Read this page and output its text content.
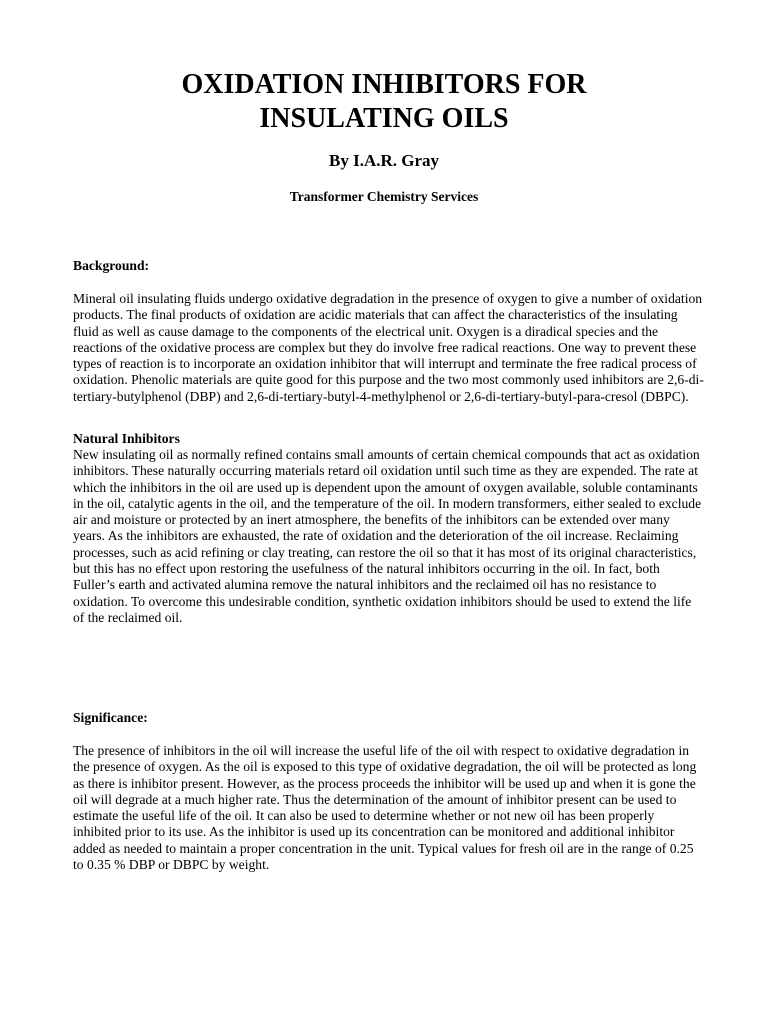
OXIDATION INHIBITORS FOR
INSULATING OILS

By I.A.R. Gray

Transformer Chemistry Services

Background:

Mineral oil insulating fluids undergo oxidative degradation in the presence of oxygen to give a number of oxidation products. The final products of oxidation are acidic materials that can affect the characteristics of the insulating fluid as well as cause damage to the components of the electrical unit. Oxygen is a diradical species and the reactions of the oxidative process are complex but they do involve free radical reactions. One way to prevent these types of reaction is to incorporate an oxidation inhibitor that will interrupt and terminate the free radical process of oxidation. Phenolic materials are quite good for this purpose and the two most commonly used inhibitors are 2,6-di-tertiary-butylphenol (DBP) and 2,6-di-tertiary-butyl-4-methylphenol or 2,6-di-tertiary-butyl-para-cresol (DBPC).

Natural Inhibitors

New insulating oil as normally refined contains small amounts of certain chemical compounds that act as oxidation inhibitors. These naturally occurring materials retard oil oxidation until such time as they are expended. The rate at which the inhibitors in the oil are used up is dependent upon the amount of oxygen available, soluble contaminants in the oil, catalytic agents in the oil, and the temperature of the oil. In modern transformers, either sealed to exclude air and moisture or protected by an inert atmosphere, the benefits of the inhibitors can be extended over many years. As the inhibitors are exhausted, the rate of oxidation and the deterioration of the oil increase. Reclaiming processes, such as acid refining or clay treating, can restore the oil so that it has most of its original characteristics, but this has no effect upon restoring the usefulness of the natural inhibitors occurring in the oil. In fact, both Fuller’s earth and activated alumina remove the natural inhibitors and the reclaimed oil has no resistance to oxidation. To overcome this undesirable condition, synthetic oxidation inhibitors should be used to extend the life of the reclaimed oil.

Significance:

The presence of inhibitors in the oil will increase the useful life of the oil with respect to oxidative degradation in the presence of oxygen. As the oil is exposed to this type of oxidative degradation, the oil will be protected as long as there is inhibitor present. However, as the process proceeds the inhibitor will be used up and when it is gone the oil will degrade at a much higher rate. Thus the determination of the amount of inhibitor present can be used to estimate the useful life of the oil. It can also be used to determine whether or not new oil has been properly inhibited prior to its use. As the inhibitor is used up its concentration can be monitored and additional inhibitor added as needed to maintain a proper concentration in the unit. Typical values for fresh oil are in the range of 0.25 to 0.35 % DBP or DBPC by weight.
